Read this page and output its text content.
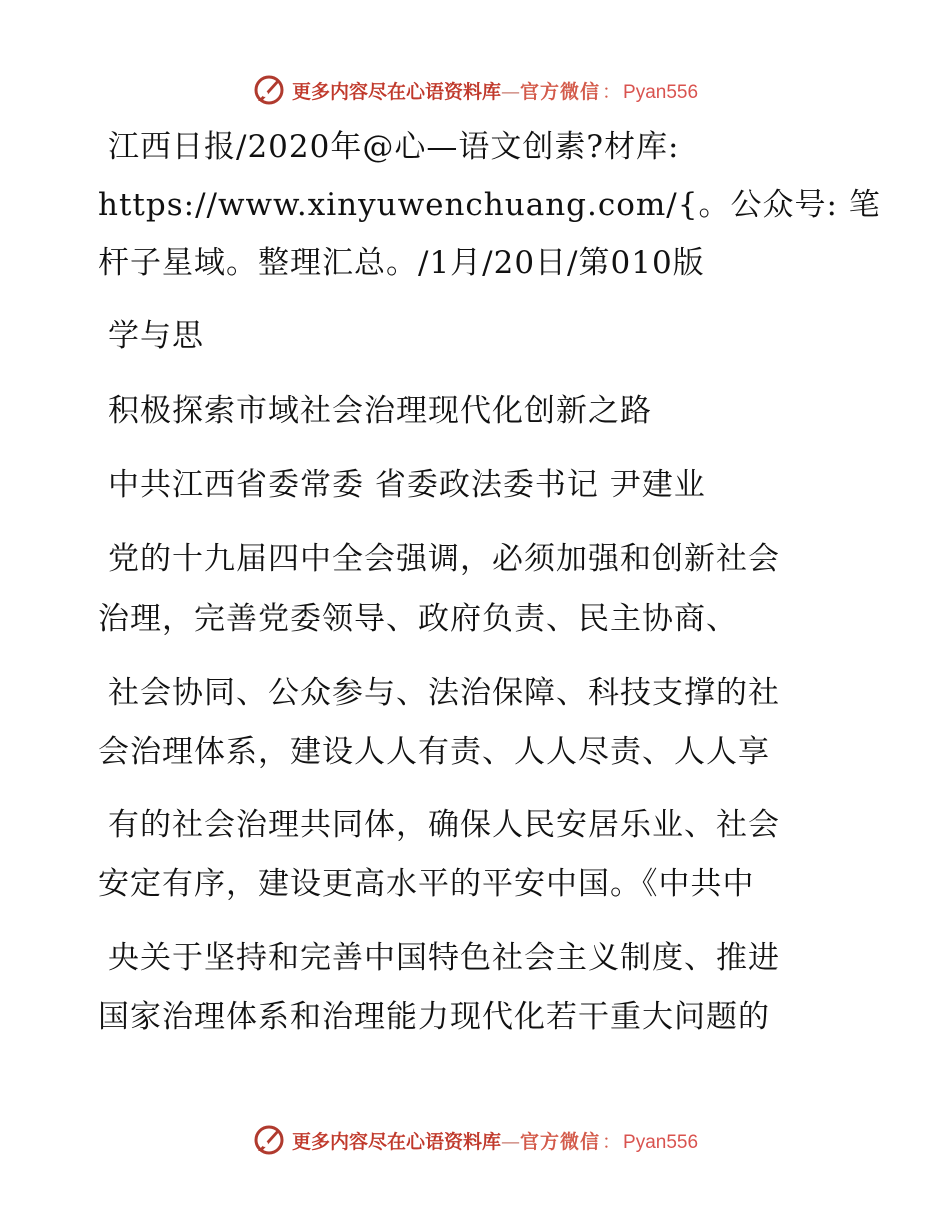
更多内容尽在心语资料库 — 官方微信 ： Pyan556
江西日报/2020年@心—语文创素?材库:
https://www.xinyuwenchuang.com/{。公众号: 笔
杆子星域。整理汇总。/1月/20日/第010版
学与思
积极探索市域社会治理现代化创新之路
中共江西省委常委 省委政法委书记 尹建业
党的十九届四中全会强调，必须加强和创新社会
治理，完善党委领导、政府负责、民主协商、
社会协同、公众参与、法治保障、科技支撑的社
会治理体系，建设人人有责、人人尽责、人人享
有的社会治理共同体，确保人民安居乐业、社会
安定有序，建设更高水平的平安中国。《中共中
央关于坚持和完善中国特色社会主义制度、推进
国家治理体系和治理能力现代化若干重大问题的
更多内容尽在心语资料库 — 官方微信 ： Pyan556
